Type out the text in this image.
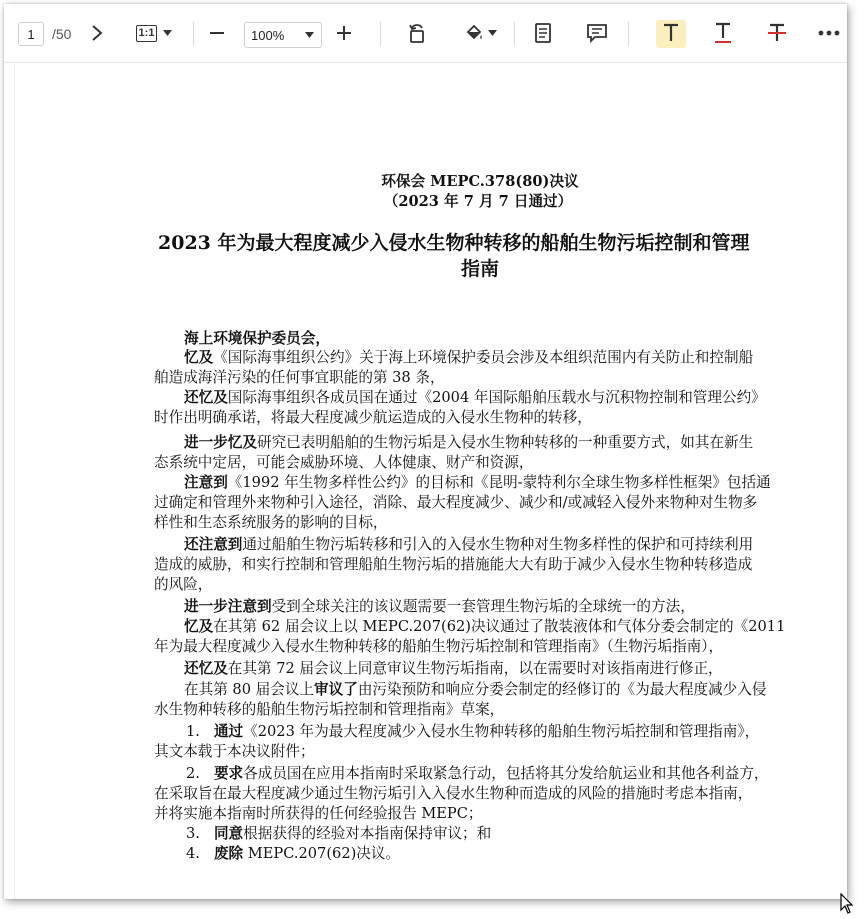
1	/50	1:1	100%
环保会 MEPC.378(80)决议
（2023 年 7 月 7 日通过）
2023 年为最大程度减少入侵水生物种转移的船舶生物污垢控制和管理
指南
海上环境保护委员会，
忆及《国际海事组织公约》关于海上环境保护委员会涉及本组织范围内有关防止和控制船
舶造成海洋污染的任何事宜职能的第 38 条，
还忆及国际海事组织各成员国在通过《2004 年国际船舶压载水与沉积物控制和管理公约》
时作出明确承诺，将最大程度减少航运造成的入侵水生物种的转移，
进一步忆及研究已表明船舶的生物污垢是入侵水生物种转移的一种重要方式，如其在新生
态系统中定居，可能会威胁环境、人体健康、财产和资源，
注意到《1992 年生物多样性公约》的目标和《昆明-蒙特利尔全球生物多样性框架》包括通
过确定和管理外来物种引入途径，消除、最大程度减少、减少和/或减轻入侵外来物种对生物多
样性和生态系统服务的影响的目标，
还注意到通过船舶生物污垢转移和引入的入侵水生物种对生物多样性的保护和可持续利用
造成的威胁，和实行控制和管理船舶生物污垢的措施能大大有助于减少入侵水生物种转移造成
的风险，
进一步注意到受到全球关注的该议题需要一套管理生物污垢的全球统一的方法，
忆及在其第 62 届会议上以 MEPC.207(62)决议通过了散装液体和气体分委会制定的《2011
年为最大程度减少入侵水生物种转移的船舶生物污垢控制和管理指南》（生物污垢指南），
还忆及在其第 72 届会议上同意审议生物污垢指南，以在需要时对该指南进行修正，
在其第 80 届会议上审议了由污染预防和响应分委会制定的经修订的《为最大程度减少入侵
水生物种转移的船舶生物污垢控制和管理指南》草案，
1. 通过《2023 年为最大程度减少入侵水生物种转移的船舶生物污垢控制和管理指南》，
其文本载于本决议附件；
2. 要求各成员国在应用本指南时采取紧急行动，包括将其分发给航运业和其他各利益方，
在采取旨在最大程度减少通过生物污垢引入入侵水生物种而造成的风险的措施时考虑本指南，
并将实施本指南时所获得的任何经验报告 MEPC；
3. 同意根据获得的经验对本指南保持审议；和
4. 废除 MEPC.207(62)决议。
